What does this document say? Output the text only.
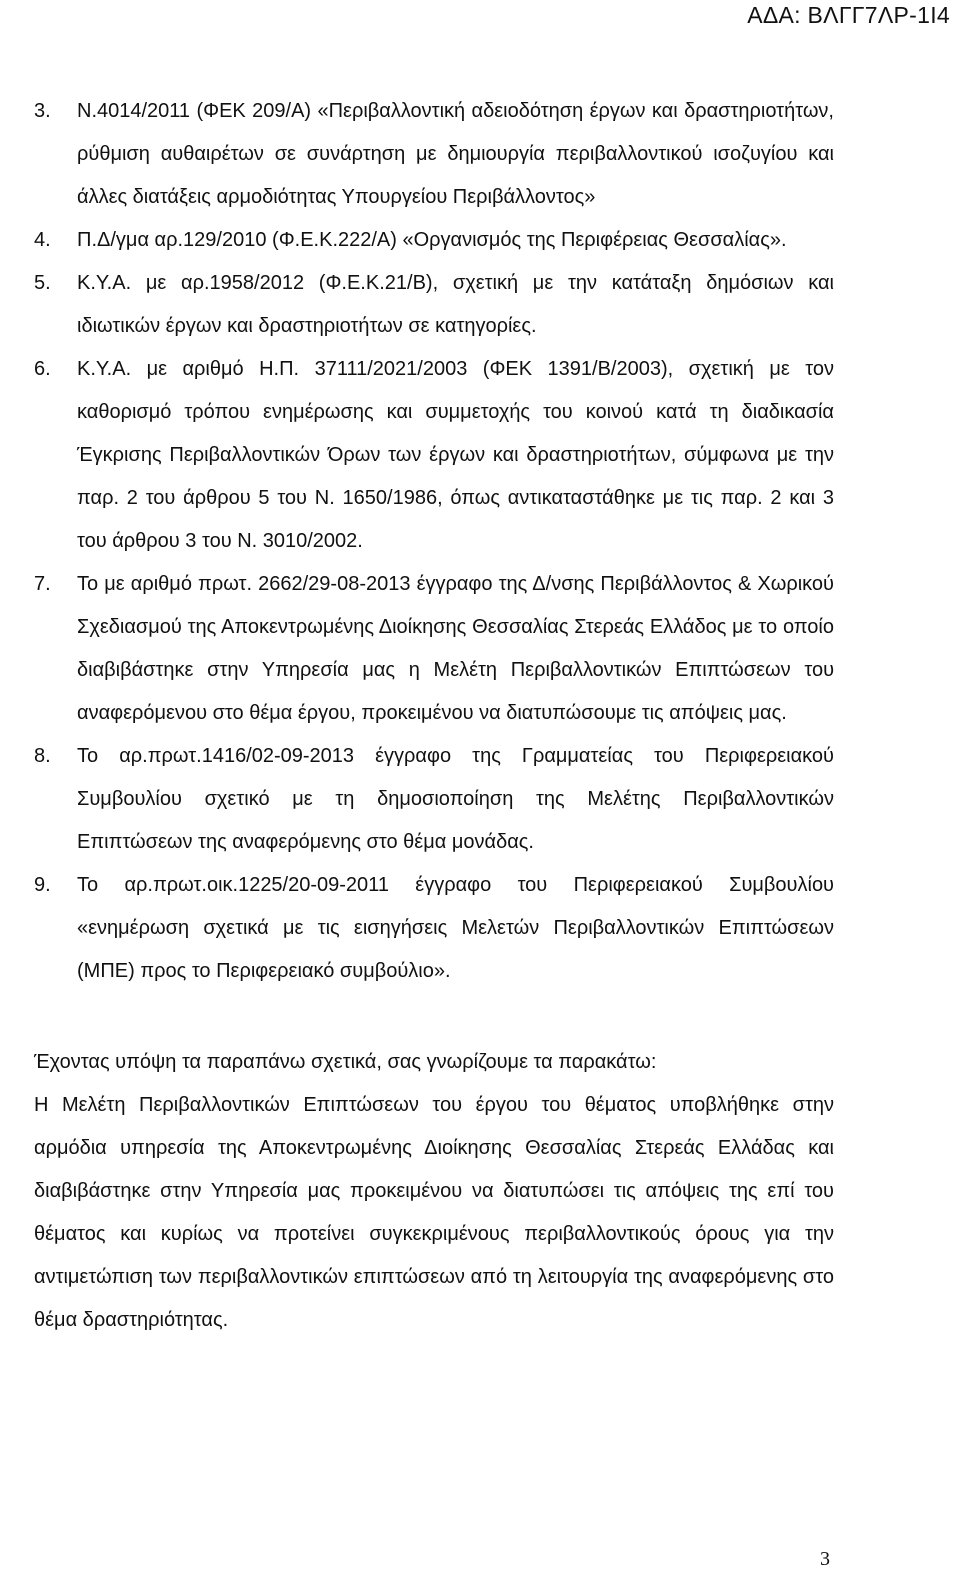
ΑΔΑ: ΒΛΓΓ7ΛΡ-1Ι4
3. Ν.4014/2011 (ΦΕΚ 209/Α) «Περιβαλλοντική αδειοδότηση έργων και δραστηριοτήτων, ρύθμιση αυθαιρέτων σε συνάρτηση με δημιουργία περιβαλλοντικού ισοζυγίου και άλλες διατάξεις αρμοδιότητας Υπουργείου Περιβάλλοντος»
4. Π.Δ/γμα αρ.129/2010 (Φ.Ε.Κ.222/Α) «Οργανισμός της Περιφέρειας Θεσσαλίας».
5. Κ.Υ.Α. με αρ.1958/2012 (Φ.Ε.Κ.21/Β), σχετική με την κατάταξη δημόσιων και ιδιωτικών έργων και δραστηριοτήτων σε κατηγορίες.
6. Κ.Υ.Α. με αριθμό Η.Π. 37111/2021/2003 (ΦΕΚ 1391/Β/2003), σχετική με τον καθορισμό τρόπου ενημέρωσης και συμμετοχής του κοινού κατά τη διαδικασία Έγκρισης Περιβαλλοντικών Όρων των έργων και δραστηριοτήτων, σύμφωνα με την παρ. 2 του άρθρου 5 του Ν. 1650/1986, όπως αντικαταστάθηκε με τις παρ. 2 και 3 του άρθρου 3 του Ν. 3010/2002.
7. Το με αριθμό πρωτ. 2662/29-08-2013 έγγραφο της Δ/νσης Περιβάλλοντος & Χωρικού Σχεδιασμού της Αποκεντρωμένης Διοίκησης Θεσσαλίας Στερεάς Ελλάδος με το οποίο διαβιβάστηκε στην Υπηρεσία μας η Μελέτη Περιβαλλοντικών Επιπτώσεων του αναφερόμενου στο θέμα έργου, προκειμένου να διατυπώσουμε τις απόψεις μας.
8. Το αρ.πρωτ.1416/02-09-2013 έγγραφο της Γραμματείας του Περιφερειακού Συμβουλίου σχετικό με τη δημοσιοποίηση της Μελέτης Περιβαλλοντικών Επιπτώσεων της αναφερόμενης στο θέμα μονάδας.
9. Το αρ.πρωτ.οικ.1225/20-09-2011 έγγραφο του Περιφερειακού Συμβουλίου «ενημέρωση σχετικά με τις εισηγήσεις Μελετών Περιβαλλοντικών Επιπτώσεων (ΜΠΕ) προς το Περιφερειακό συμβούλιο».
Έχοντας υπόψη τα παραπάνω σχετικά, σας γνωρίζουμε τα παρακάτω:
Η Μελέτη Περιβαλλοντικών Επιπτώσεων του έργου του θέματος υποβλήθηκε στην αρμόδια υπηρεσία της Αποκεντρωμένης Διοίκησης Θεσσαλίας Στερεάς Ελλάδας και διαβιβάστηκε στην Υπηρεσία μας προκειμένου να διατυπώσει τις απόψεις της επί του θέματος και κυρίως να προτείνει συγκεκριμένους περιβαλλοντικούς όρους για την αντιμετώπιση των περιβαλλοντικών επιπτώσεων από τη λειτουργία της αναφερόμενης στο θέμα δραστηριότητας.
3
